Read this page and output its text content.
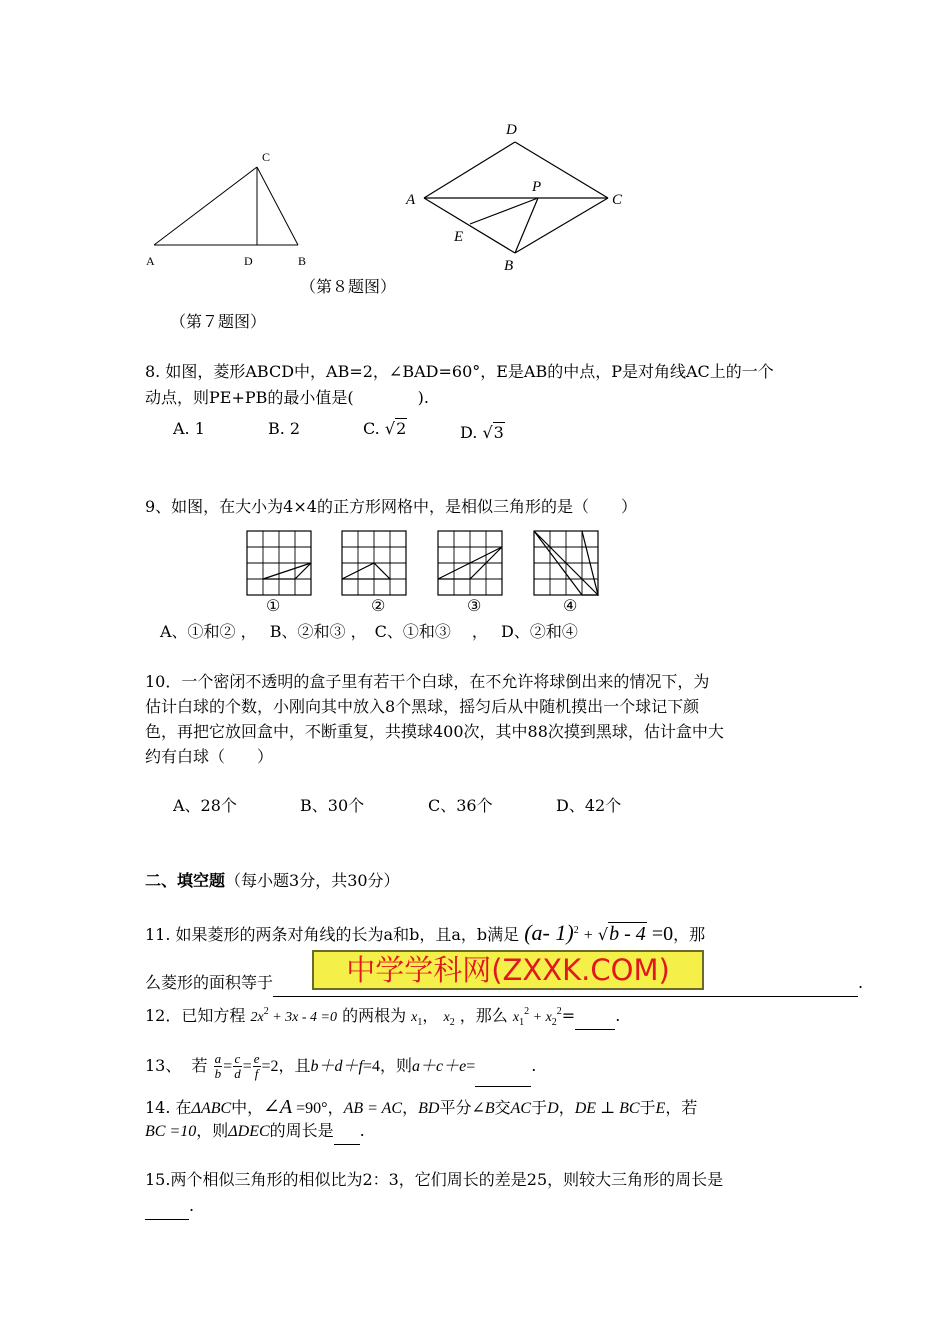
C
A	D	B
D
A
P
C
E
B
（第８题图）
（第７题图）
8. 如图，菱形ABCD中，AB=2，∠BAD=60°，E是AB的中点，P是对角线AC上的一个
动点，则PE+PB的最小值是(　　　　).
A. 1	B. 2	C. √2	D. √3
9、如图，在大小为4×4的正方形网格中，是相似三角形的是（　　）
①	②	③	④
A、①和② ，　 B、②和③ ，　C、①和③ 　，　 D、②和④
10．一个密闭不透明的盒子里有若干个白球，在不允许将球倒出来的情况下，为
估计白球的个数，小刚向其中放入8个黑球，摇匀后从中随机摸出一个球记下颜
色，再把它放回盒中，不断重复，共摸球400次，其中88次摸到黑球，估计盒中大
约有白球（　　）
A、28个	B、30个	C、36个	D、42个
二、填空题（每小题3分，共30分）
11. 如果菱形的两条对角线的长为a和b，且a，b满足 (a- 1)$^2$ + √b - 4 =0，那
么菱形的面积等于	.
中学学科网(ZXXK.COM)
12．已知方程 $2x^2 + 3x - 4 =0$ 的两根为 $x_1$， $x_2$ ，那么 $x_1^2 + x_2^2=$	.
13、 若 $\frac{a}{b} = \frac{c}{d} = \frac{e}{f} =2$，且b＋d＋f=4，则a＋c＋e=	.
14. 在ΔABC中，∠A =90°，AB = AC，BD平分∠B交AC于D，DE ⊥ BC于E，若
BC =10，则ΔDEC的周长是 .
15.两个相似三角形的相似比为2：3，它们周长的差是25，则较大三角形的周长是
.
